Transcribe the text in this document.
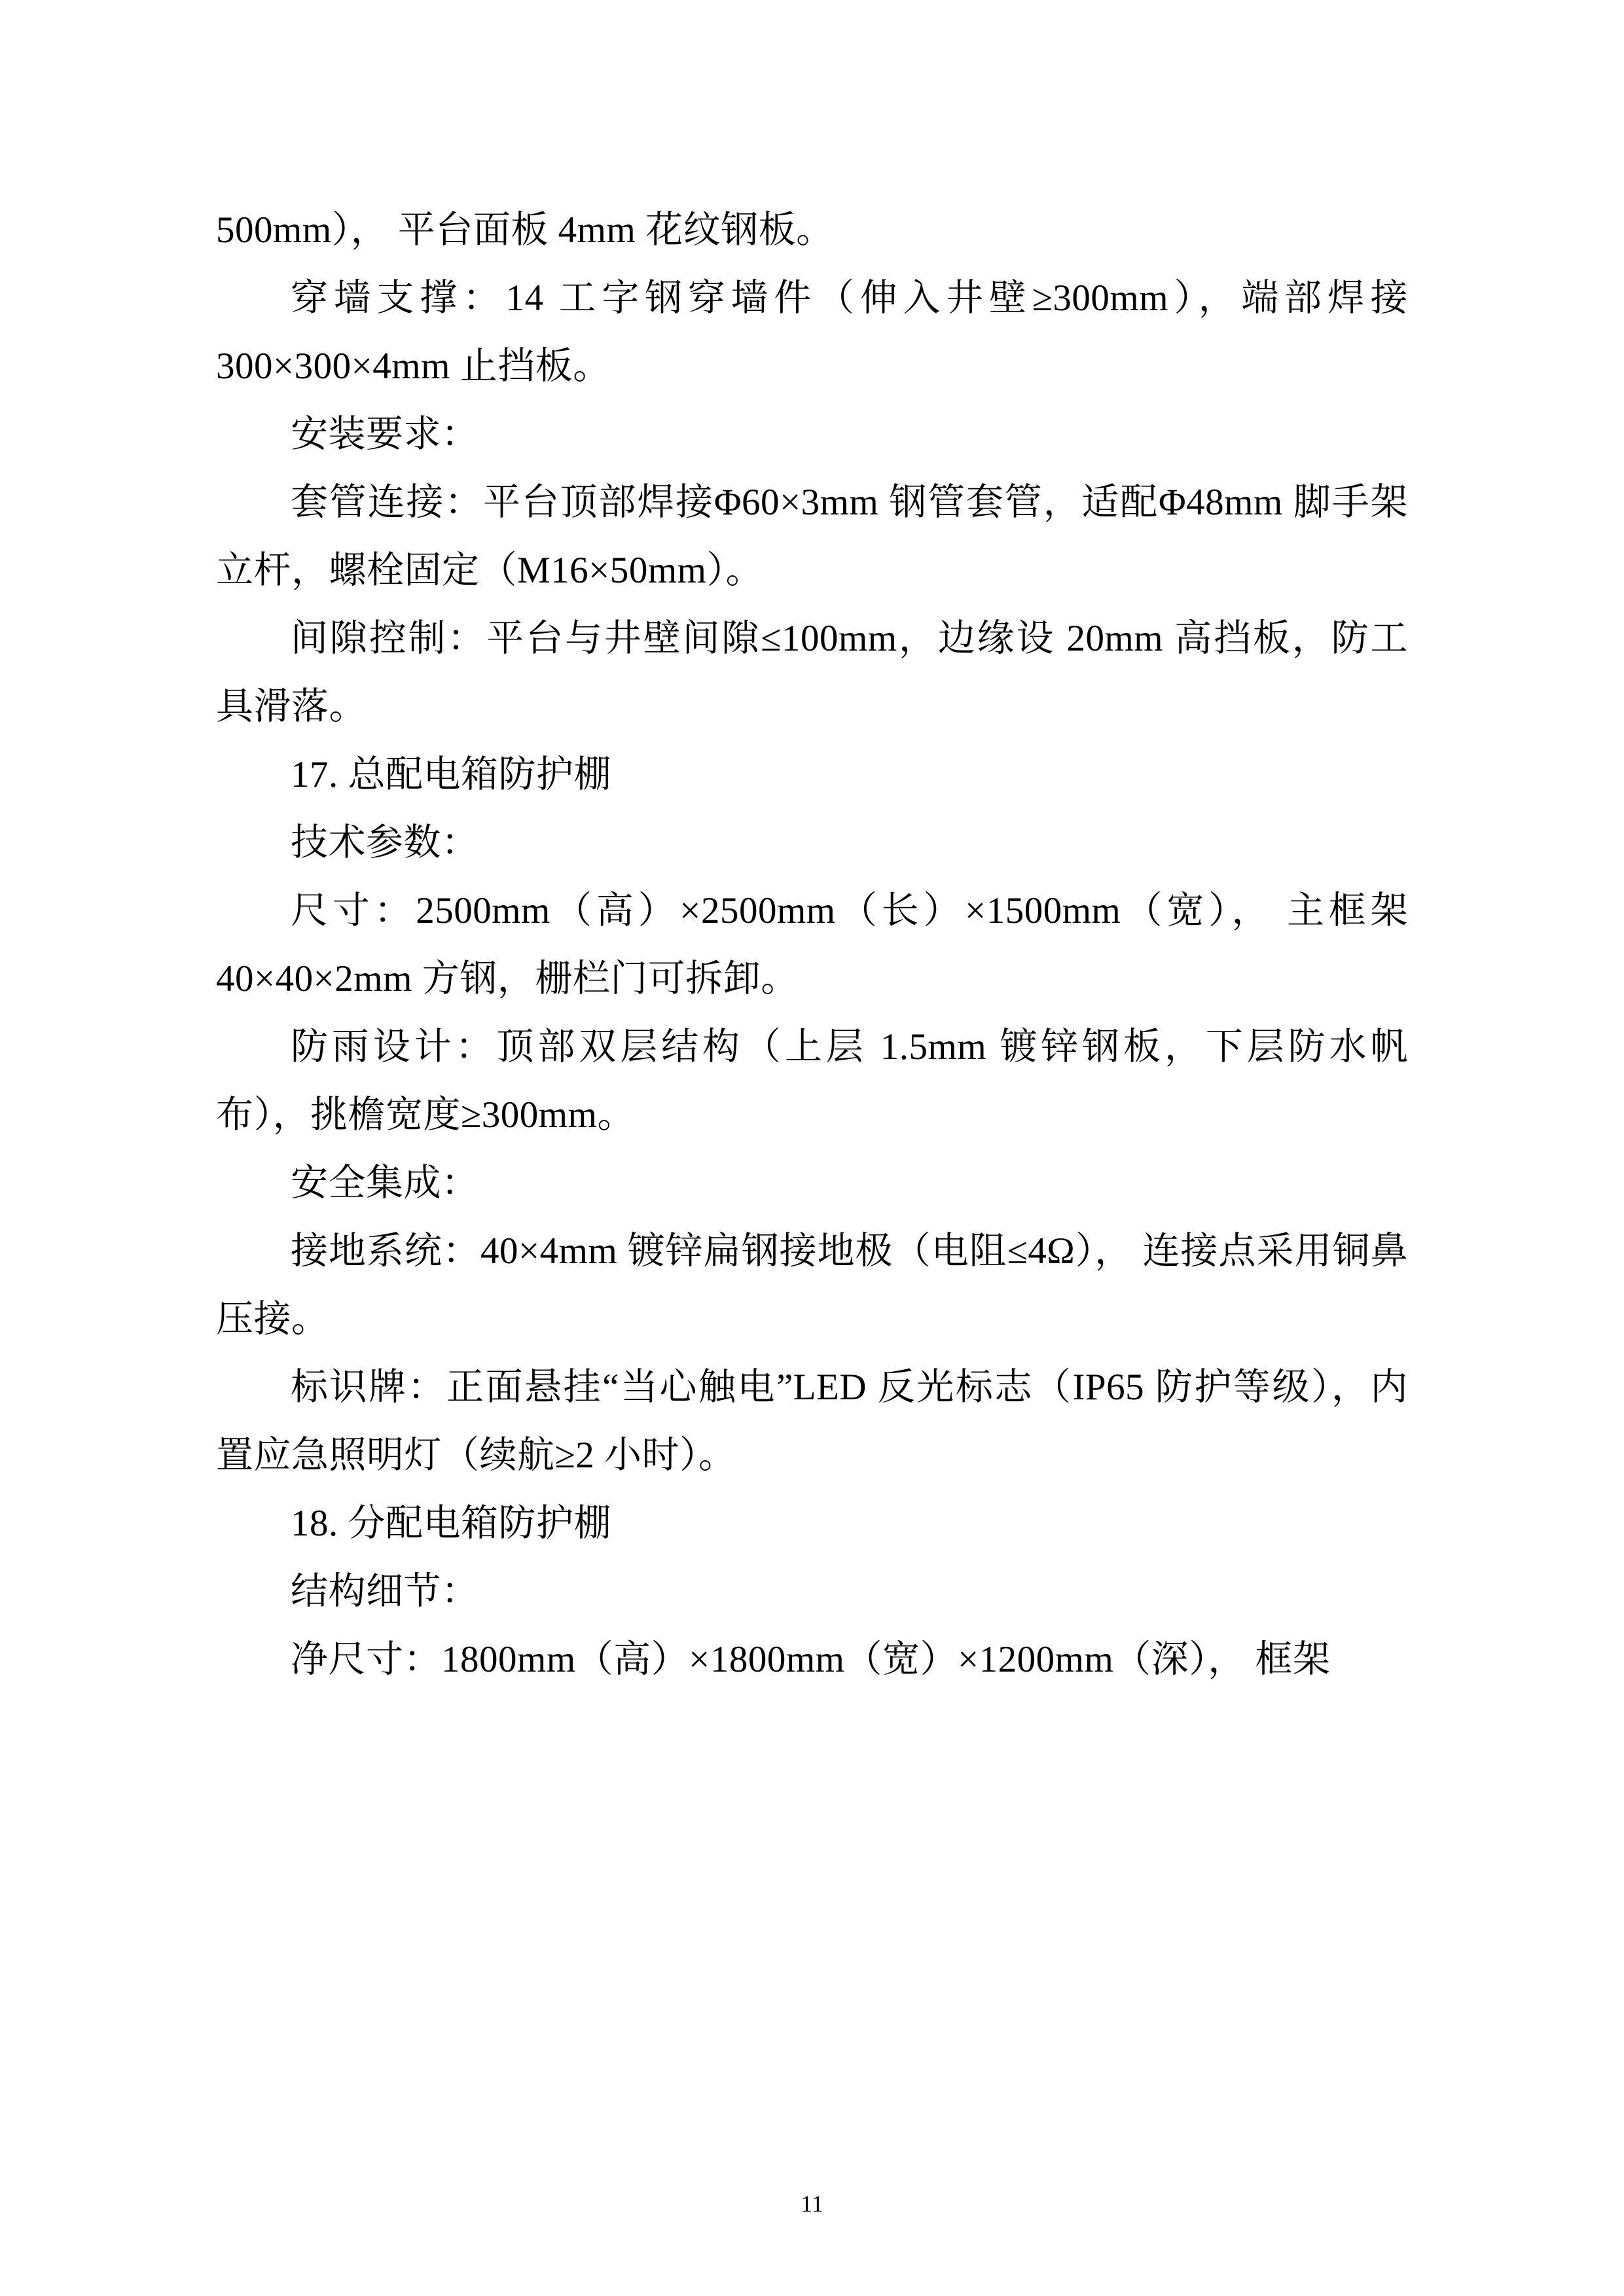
500mm）， 平台面板 4mm 花纹钢板。

穿墙支撑：14 工字钢穿墙件（伸入井壁≥300mm），端部焊接 300×300×4mm 止挡板。

安装要求：

套管连接：平台顶部焊接Φ60×3mm 钢管套管，适配Φ48mm 脚手架立杆，螺栓固定（M16×50mm）。

间隙控制：平台与井壁间隙≤100mm，边缘设 20mm 高挡板，防工具滑落。

17. 总配电箱防护棚

技术参数：

尺寸：2500mm（高）×2500mm（长）×1500mm（宽）， 主框架40×40×2mm 方钢，栅栏门可拆卸。

防雨设计：顶部双层结构（上层 1.5mm 镀锌钢板，下层防水帆布），挑檐宽度≥300mm。

安全集成：

接地系统：40×4mm 镀锌扁钢接地极（电阻≤4Ω）， 连接点采用铜鼻压接。

标识牌：正面悬挂“当心触电”LED 反光标志（IP65 防护等级），内置应急照明灯（续航≥2 小时）。

18. 分配电箱防护棚

结构细节：

净尺寸：1800mm（高）×1800mm（宽）×1200mm（深）， 框架

11
